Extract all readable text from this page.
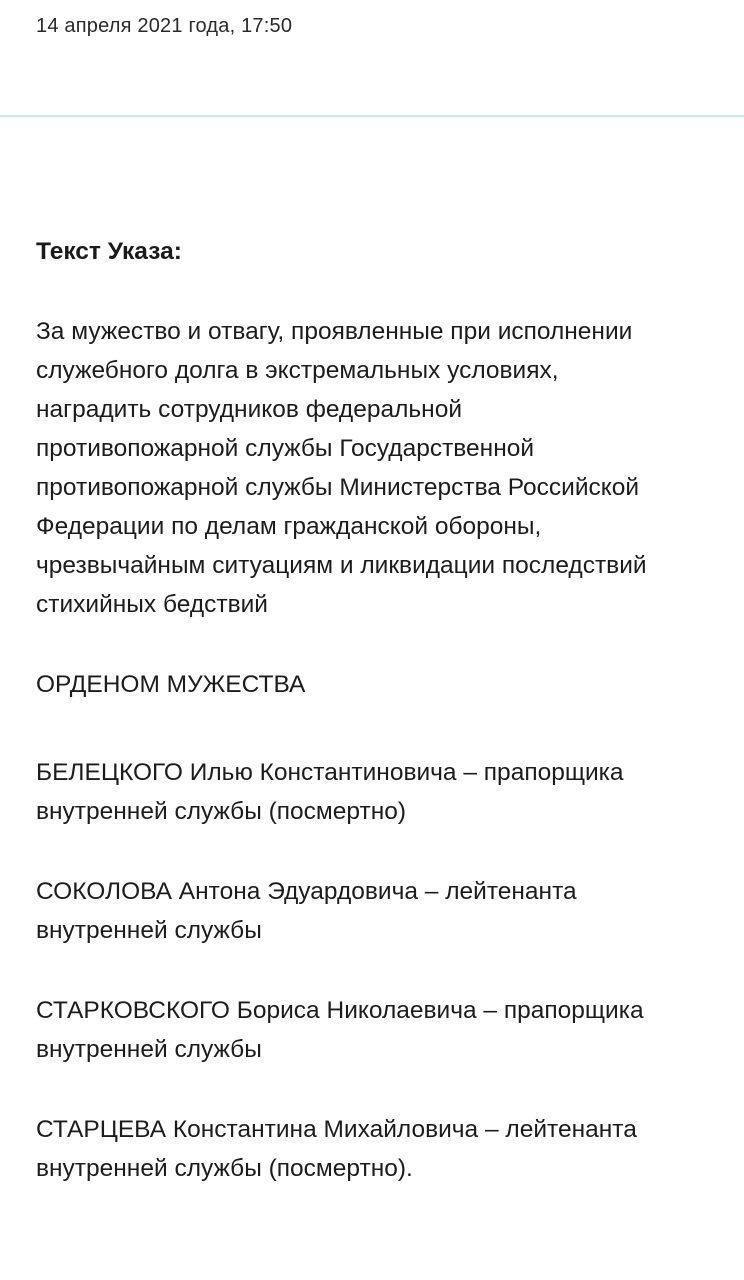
14 апреля 2021 года, 17:50

Текст Указа:

За мужество и отвагу, проявленные при исполнении
служебного долга в экстремальных условиях,
наградить сотрудников федеральной
противопожарной службы Государственной
противопожарной службы Министерства Российской
Федерации по делам гражданской обороны,
чрезвычайным ситуациям и ликвидации последствий
стихийных бедствий

ОРДЕНОМ МУЖЕСТВА

БЕЛЕЦКОГО Илью Константиновича – прапорщика
внутренней службы (посмертно)

СОКОЛОВА Антона Эдуардовича – лейтенанта
внутренней службы

СТАРКОВСКОГО Бориса Николаевича – прапорщика
внутренней службы

СТАРЦЕВА Константина Михайловича – лейтенанта
внутренней службы (посмертно).
